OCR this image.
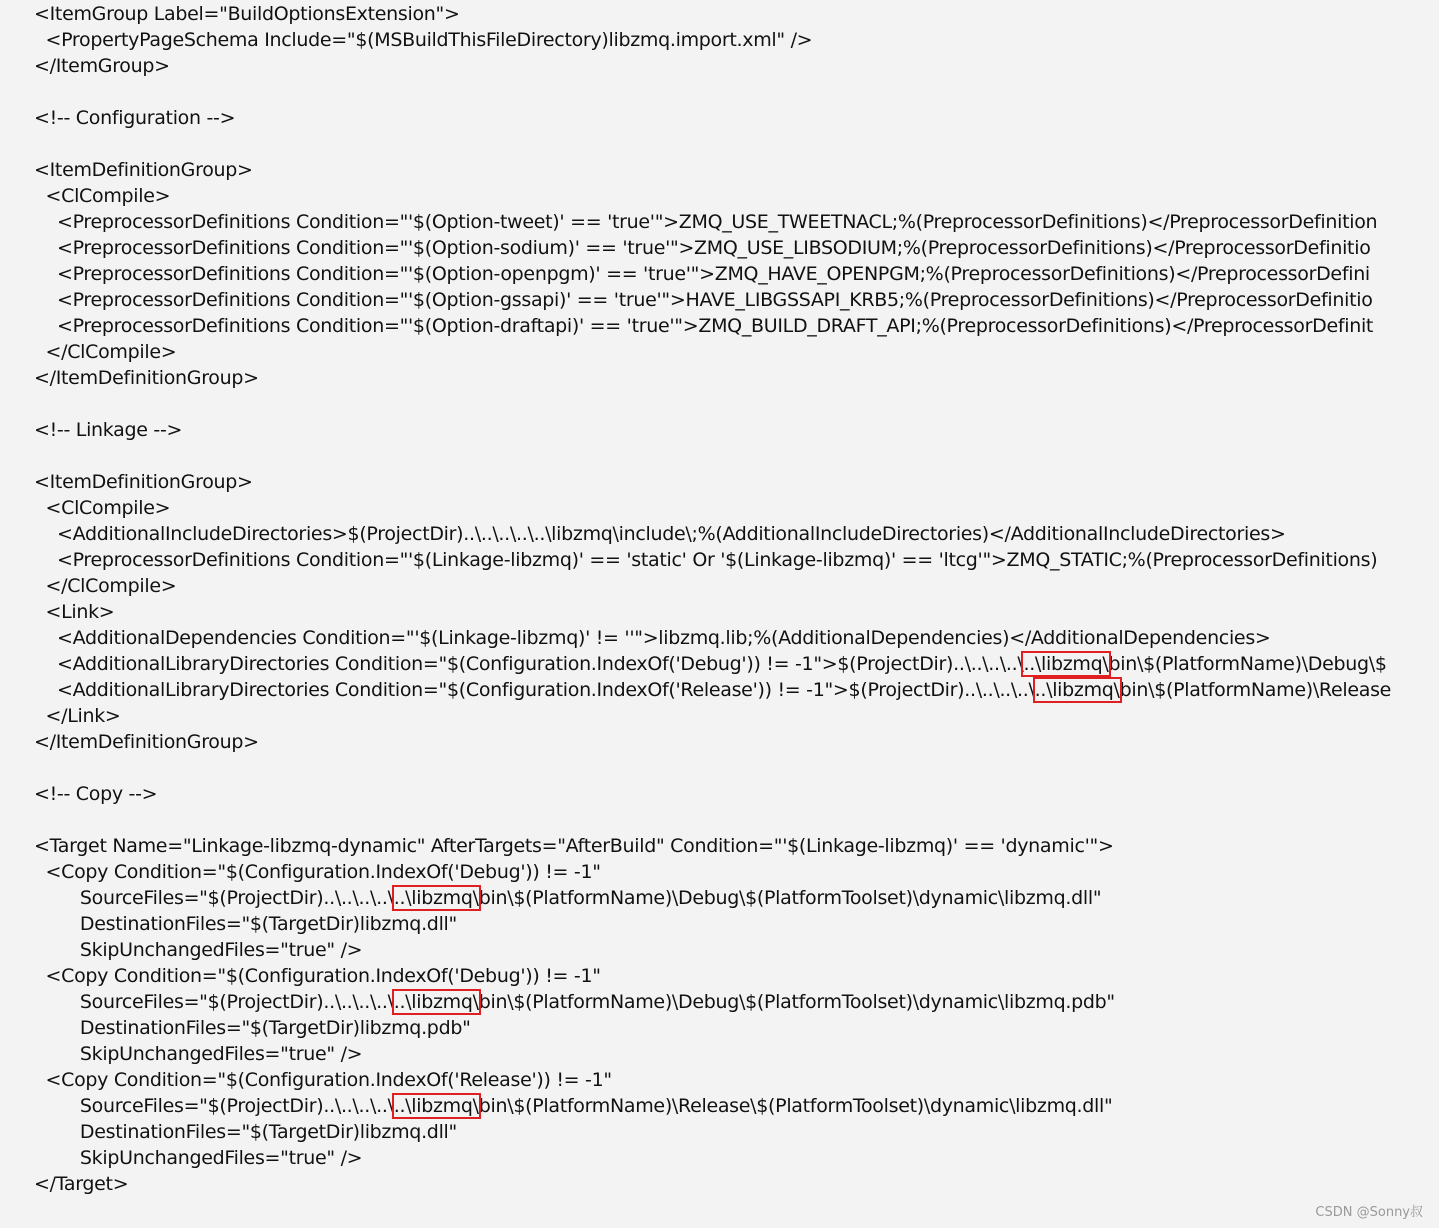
<ItemGroup Label="BuildOptionsExtension">
<PropertyPageSchema Include="$(MSBuildThisFileDirectory)libzmq.import.xml" />
</ItemGroup>
<!-- Configuration -->
<ItemDefinitionGroup>
<ClCompile>
<PreprocessorDefinitions Condition="'$(Option-tweet)' == 'true'">ZMQ_USE_TWEETNACL;%(PreprocessorDefinitions)</PreprocessorDefinition
<PreprocessorDefinitions Condition="'$(Option-sodium)' == 'true'">ZMQ_USE_LIBSODIUM;%(PreprocessorDefinitions)</PreprocessorDefinitio
<PreprocessorDefinitions Condition="'$(Option-openpgm)' == 'true'">ZMQ_HAVE_OPENPGM;%(PreprocessorDefinitions)</PreprocessorDefini
<PreprocessorDefinitions Condition="'$(Option-gssapi)' == 'true'">HAVE_LIBGSSAPI_KRB5;%(PreprocessorDefinitions)</PreprocessorDefinitio
<PreprocessorDefinitions Condition="'$(Option-draftapi)' == 'true'">ZMQ_BUILD_DRAFT_API;%(PreprocessorDefinitions)</PreprocessorDefinit
</ClCompile>
</ItemDefinitionGroup>
<!-- Linkage -->
<ItemDefinitionGroup>
<ClCompile>
<AdditionalIncludeDirectories>$(ProjectDir)..\..\..\..\..\libzmq\include\;%(AdditionalIncludeDirectories)</AdditionalIncludeDirectories>
<PreprocessorDefinitions Condition="'$(Linkage-libzmq)' == 'static' Or '$(Linkage-libzmq)' == 'ltcg'">ZMQ_STATIC;%(PreprocessorDefinitions)
</ClCompile>
<Link>
<AdditionalDependencies Condition="'$(Linkage-libzmq)' != ''">libzmq.lib;%(AdditionalDependencies)</AdditionalDependencies>
<AdditionalLibraryDirectories Condition="$(Configuration.IndexOf('Debug')) != -1">$(ProjectDir)..\..\..\..\..\libzmq\bin\$(PlatformName)\Debug\$
<AdditionalLibraryDirectories Condition="$(Configuration.IndexOf('Release')) != -1">$(ProjectDir)..\..\..\..\..\libzmq\bin\$(PlatformName)\Release
</Link>
</ItemDefinitionGroup>
<!-- Copy -->
<Target Name="Linkage-libzmq-dynamic" AfterTargets="AfterBuild" Condition="'$(Linkage-libzmq)' == 'dynamic'">
<Copy Condition="$(Configuration.IndexOf('Debug')) != -1"
SourceFiles="$(ProjectDir)..\..\..\..\..\libzmq\bin\$(PlatformName)\Debug\$(PlatformToolset)\dynamic\libzmq.dll"
DestinationFiles="$(TargetDir)libzmq.dll"
SkipUnchangedFiles="true" />
<Copy Condition="$(Configuration.IndexOf('Debug')) != -1"
SourceFiles="$(ProjectDir)..\..\..\..\..\libzmq\bin\$(PlatformName)\Debug\$(PlatformToolset)\dynamic\libzmq.pdb"
DestinationFiles="$(TargetDir)libzmq.pdb"
SkipUnchangedFiles="true" />
<Copy Condition="$(Configuration.IndexOf('Release')) != -1"
SourceFiles="$(ProjectDir)..\..\..\..\..\libzmq\bin\$(PlatformName)\Release\$(PlatformToolset)\dynamic\libzmq.dll"
DestinationFiles="$(TargetDir)libzmq.dll"
SkipUnchangedFiles="true" />
</Target>
CSDN @Sonny叔
